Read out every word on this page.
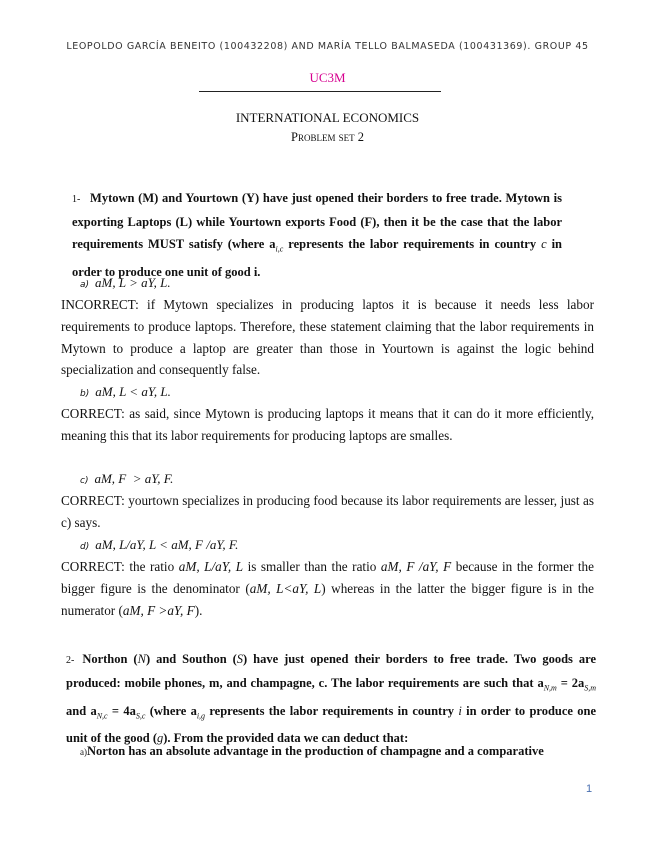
LEOPOLDO GARCÍA BENEITO (100432208) AND MARÍA TELLO BALMASEDA (100431369). GROUP 45
UC3M
INTERNATIONAL ECONOMICS
Problem set 2
1- Mytown (M) and Yourtown (Y) have just opened their borders to free trade. Mytown is exporting Laptops (L) while Yourtown exports Food (F), then it be the case that the labor requirements MUST satisfy (where $a_{i,c}$ represents the labor requirements in country c in order to produce one unit of good i.
a) aM, L > aY, L.
INCORRECT: if Mytown specializes in producing laptos it is because it needs less labor requirements to produce laptops. Therefore, these statement claiming that the labor requirements in Mytown to produce a laptop are greater than those in Yourtown is against the logic behind specialization and consequently false.
b) aM, L < aY, L.
CORRECT: as said, since Mytown is producing laptops it means that it can do it more efficiently, meaning this that its labor requirements for producing laptops are smalles.
c) aM, F  > aY, F.
CORRECT: yourtown specializes in producing food because its labor requirements are lesser, just as c) says.
d) aM, L/aY, L < aM, F /aY, F.
CORRECT: the ratio aM, L/aY, L is smaller than the ratio aM, F /aY, F because in the former the bigger figure is the denominator (aM, L<aY, L) whereas in the latter the bigger figure is in the numerator (aM, F >aY, F).
2- Northon (N) and Southon (S) have just opened their borders to free trade. Two goods are produced: mobile phones, m, and champagne, c. The labor requirements are such that $a_{N,m} = 2a_{S,m}$ and $a_{N,c} = 4a_{S,c}$ (where $a_{i,g}$ represents the labor requirements in country i in order to produce one unit of the good (g). From the provided data we can deduct that:
a)Norton has an absolute advantage in the production of champagne and a comparative
1
